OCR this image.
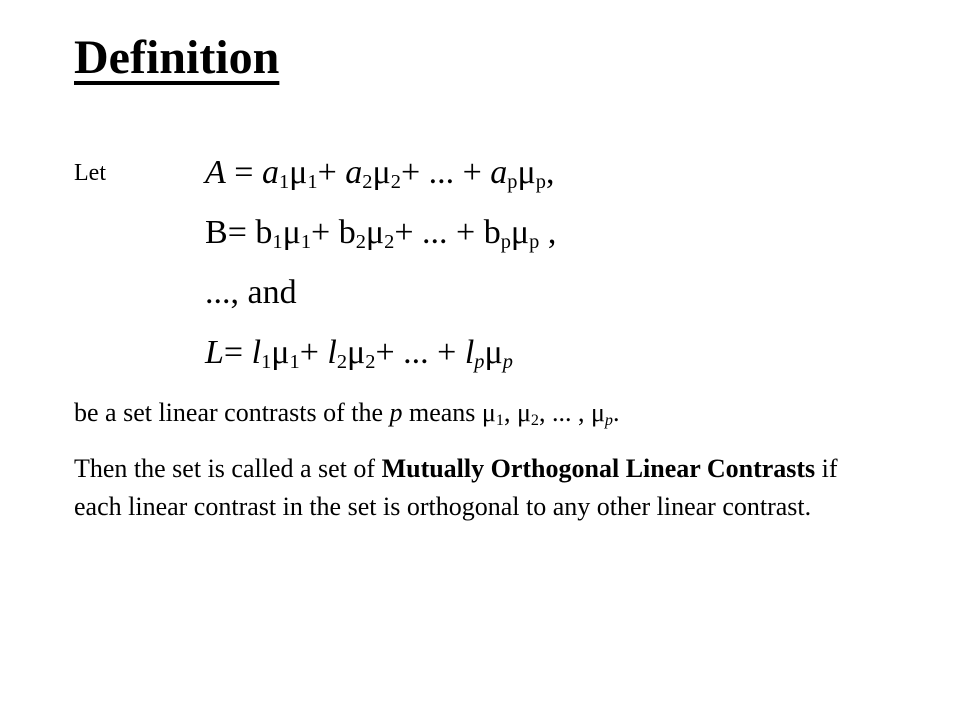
Definition
Let	$A = a_1\mu_1+ a_2\mu_2+$ ... + $a_p\mu_p$,
$B= b_1\mu_1+ b_2\mu_2+$ ... + $b_p\mu_p$ ,
..., and
$L= l_1\mu_1+ l_2\mu_2+$ ... + $l_p\mu_p$

be a set linear contrasts of the p means $\mu_1$, $\mu_2$, ... , $\mu_p$.

Then the set is called a set of Mutually Orthogonal Linear Contrasts if each linear contrast in the set is orthogonal to any other linear contrast.
